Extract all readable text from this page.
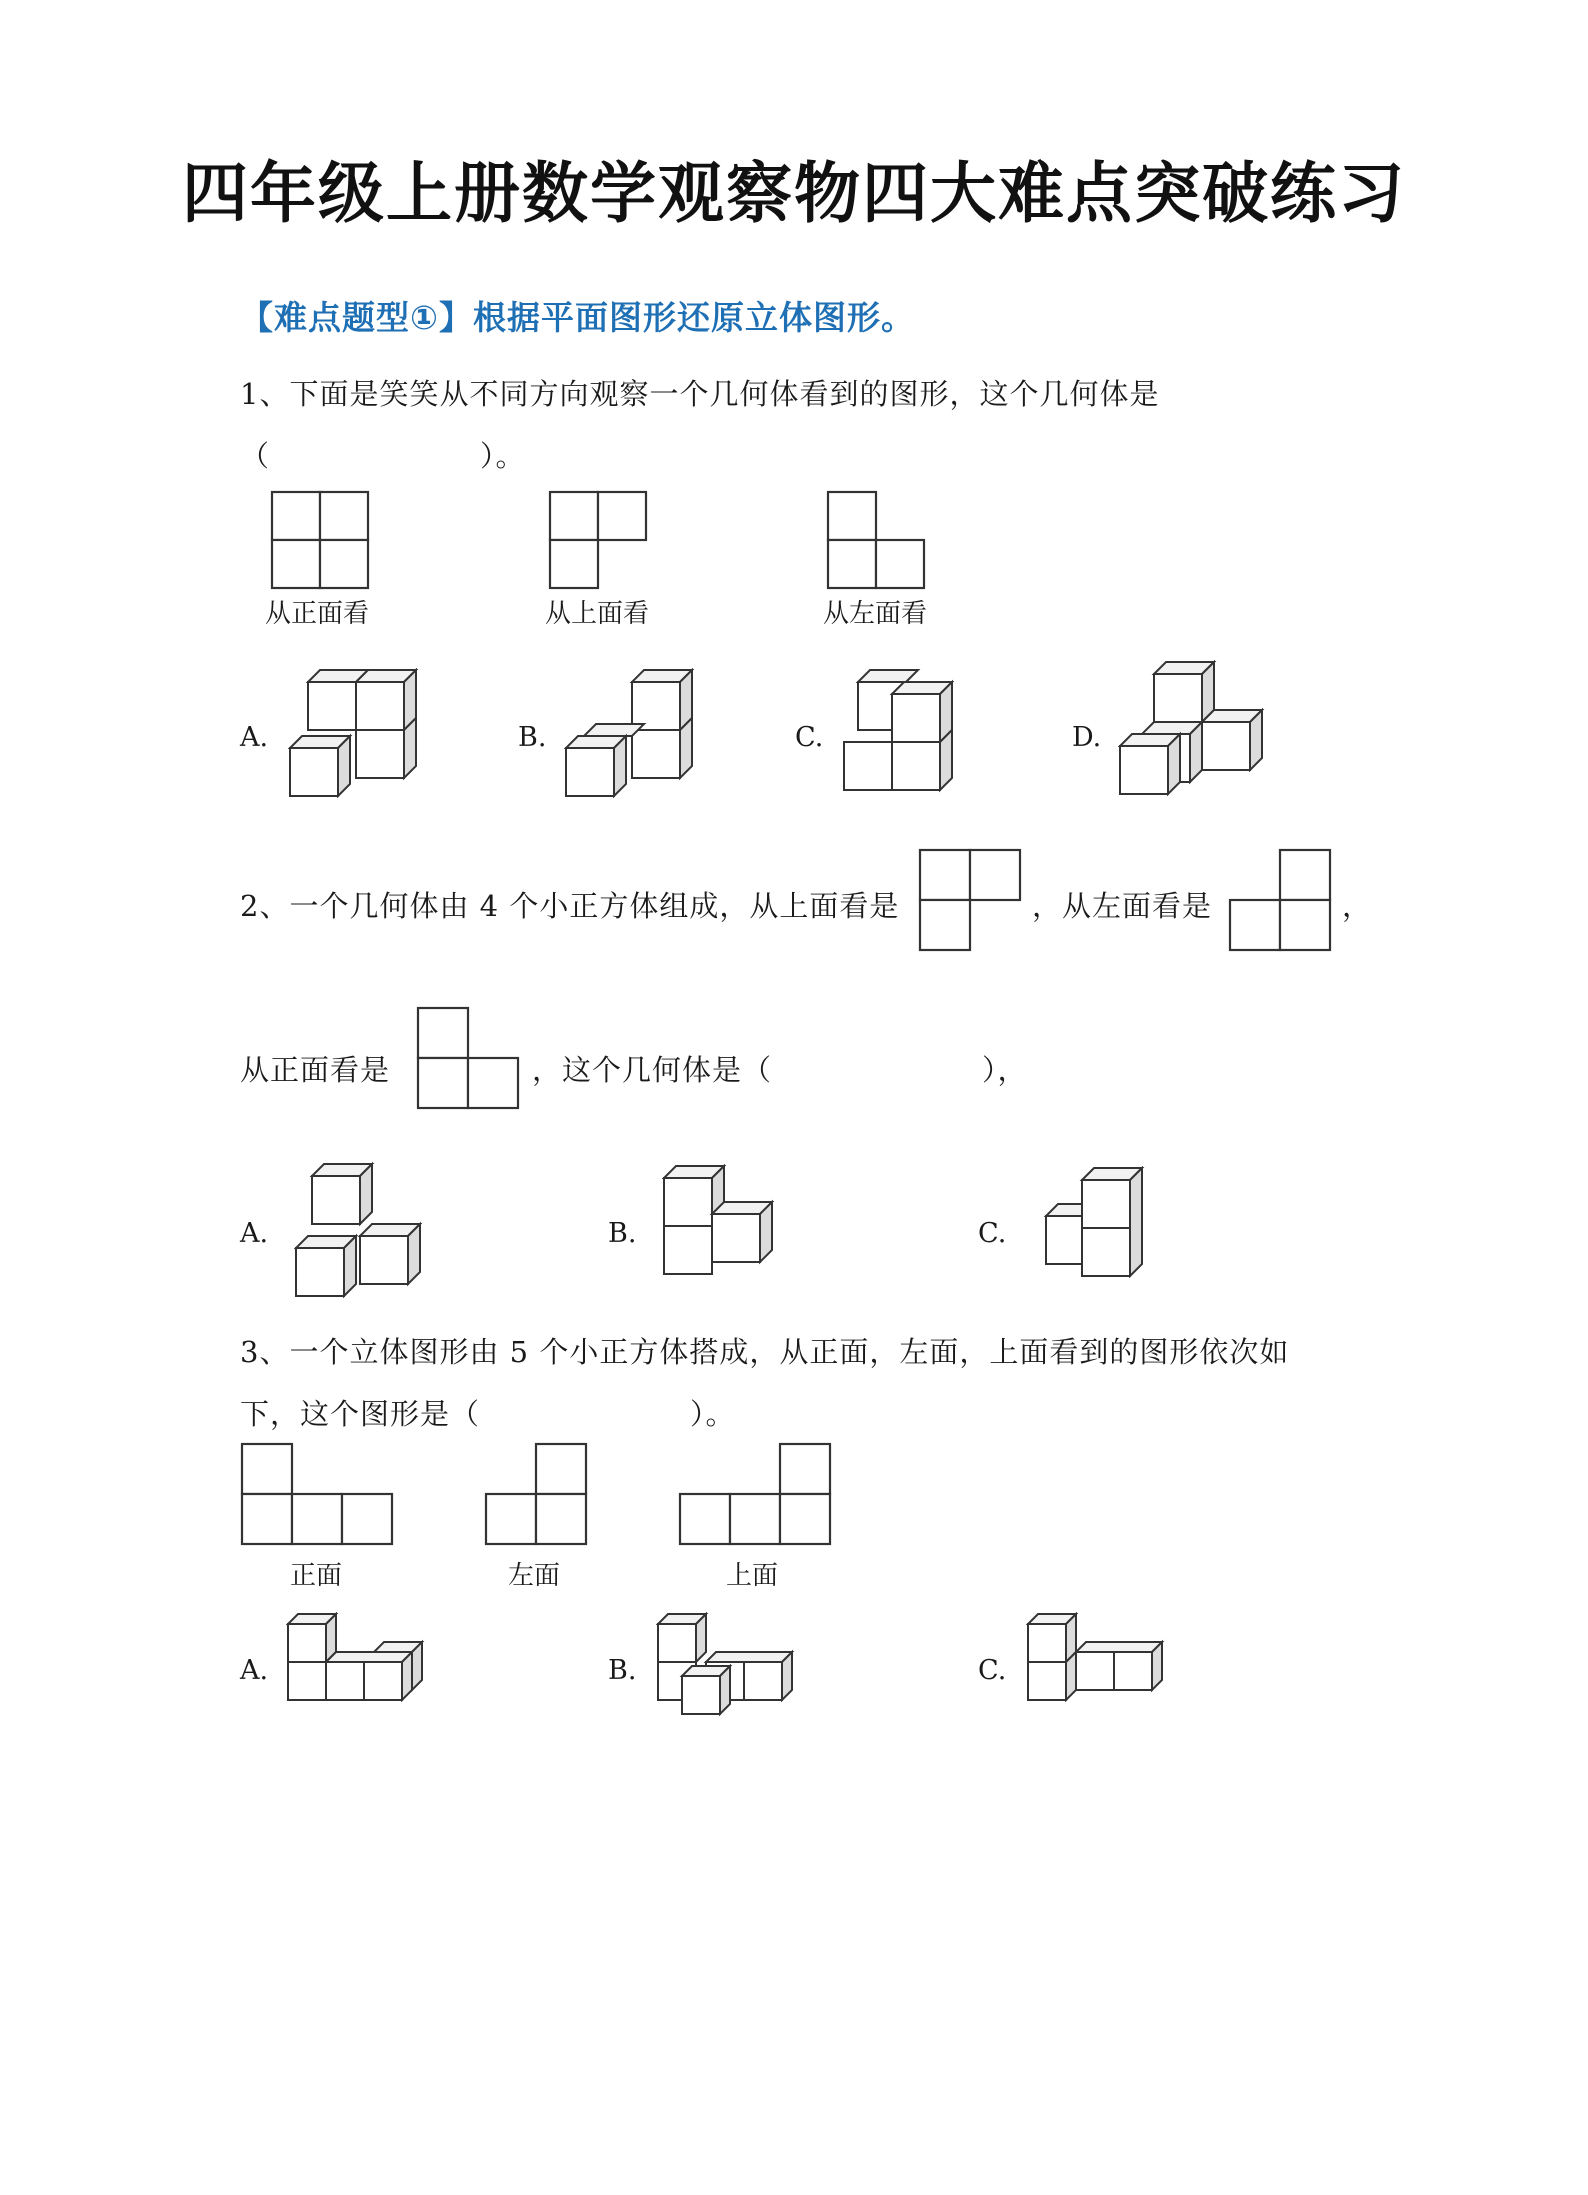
四年级上册数学观察物四大难点突破练习
【难点题型①】根据平面图形还原立体图形。
1、下面是笑笑从不同方向观察一个几何体看到的图形，这个几何体是
（	）。
从正面看	从上面看	从左面看
A.	B.	C.	D.
2、一个几何体由 4 个小正方体组成，从上面看是	，从左面看是	，
从正面看是	，这个几何体是（	），
A.	B.	C.
3、一个立体图形由 5 个小正方体搭成，从正面，左面，上面看到的图形依次如
下，这个图形是（	）。
正面	左面	上面
A.	B.	C.
